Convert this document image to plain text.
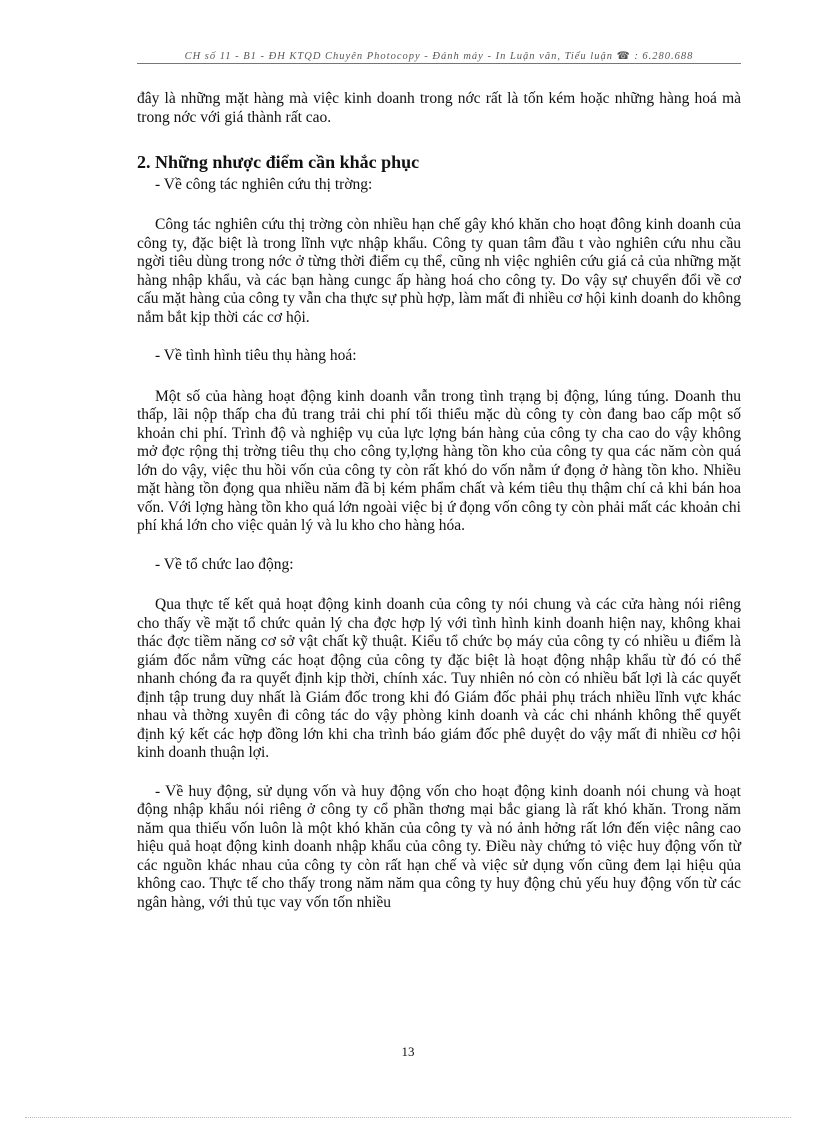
CH số 11 - B1 - ĐH KTQD Chuyên Photocopy - Đánh máy - In Luận văn, Tiểu luận ☎ : 6.280.688

đây là những mặt hàng mà việc kinh doanh trong nớc rất là tốn kém hoặc những hàng hoá mà trong nớc với giá thành rất cao.

2. Những nhược điểm cần khắc phục

- Về công tác nghiên cứu thị trờng:

Công tác nghiên cứu thị trờng còn nhiều hạn chế gây khó khăn cho hoạt đông kinh doanh của công ty, đặc biệt là trong lĩnh vực nhập khẩu. Công ty quan tâm đầu t vào nghiên cứu nhu cầu ngời tiêu dùng trong nớc ở từng thời điểm cụ thể, cũng nh việc nghiên cứu giá cả của những mặt hàng nhập khẩu, và các bạn hàng cungc ấp hàng hoá cho công ty. Do vậy sự chuyển đổi về cơ cấu mặt hàng của công ty vẫn cha thực sự phù hợp, làm mất đi nhiều cơ hội kinh doanh do không nắm bắt kịp thời các cơ hội.

- Về tình hình tiêu thụ hàng hoá:

Một số của hàng hoạt động kinh doanh vẫn trong tình trạng bị động, lúng túng. Doanh thu thấp, lãi nộp thấp cha đủ trang trải chi phí tối thiểu mặc dù công ty còn đang bao cấp một số khoản chi phí. Trình độ và nghiệp vụ của lực lợng bán hàng của công ty cha cao do vậy không mở đợc rộng thị trờng tiêu thụ cho công ty,lợng hàng tồn kho của công ty qua các năm còn quá lớn do vậy, việc thu hồi vốn của công ty còn rất khó do vốn nằm ứ đọng ở hàng tồn kho. Nhiều mặt hàng tồn đọng qua nhiều năm đã bị kém phẩm chất và kém tiêu thụ thậm chí cả khi bán hoa vốn. Với lợng hàng tồn kho quá lớn ngoài việc bị ứ đọng vốn công ty còn phải mất các khoản chi phí khá lớn cho việc quản lý và lu kho cho hàng hóa.

- Về tổ chức lao động:

Qua thực tế kết quả hoạt động kinh doanh của công ty nói chung và các cửa hàng nói riêng cho thấy về mặt tổ chức quản lý cha đợc hợp lý với tình hình kinh doanh hiện nay, không khai thác đợc tiềm năng cơ sở vật chất kỹ thuật. Kiểu tổ chức bọ máy của công ty có nhiều u điểm là giám đốc nắm vững các hoạt động của công ty đặc biệt là hoạt động nhập khẩu từ đó có thể nhanh chóng đa ra quyết định kịp thời, chính xác. Tuy nhiên nó còn có nhiều bất lợi là các quyết định tập trung duy nhất là Giám đốc trong khi đó Giám đốc phải phụ trách nhiều lĩnh vực khác nhau và thờng xuyên đi công tác do vậy phòng kinh doanh và các chi nhánh không thể quyết định ký kết các hợp đồng lớn khi cha trình báo giám đốc phê duyệt do vậy mất đi nhiều cơ hội kinh doanh thuận lợi.

- Về huy động, sử dụng vốn và huy động vốn cho hoạt động kinh doanh nói chung và hoạt động nhập khẩu nói riêng ở công ty cổ phần thơng mại bắc giang là rất khó khăn. Trong năm năm qua thiếu vốn luôn là một khó khăn của công ty và nó ảnh hởng rất lớn đến việc nâng cao hiệu quả hoạt động kinh doanh nhập khẩu của công ty. Điều này chứng tỏ việc huy động vốn từ các nguồn khác nhau của công ty còn rất hạn chế và việc sử dụng vốn cũng đem lại hiệu qủa không cao. Thực tế cho thấy trong năm năm qua công ty huy động chủ yếu huy động vốn từ các ngân hàng, với thủ tục vay vốn tốn nhiều

13
